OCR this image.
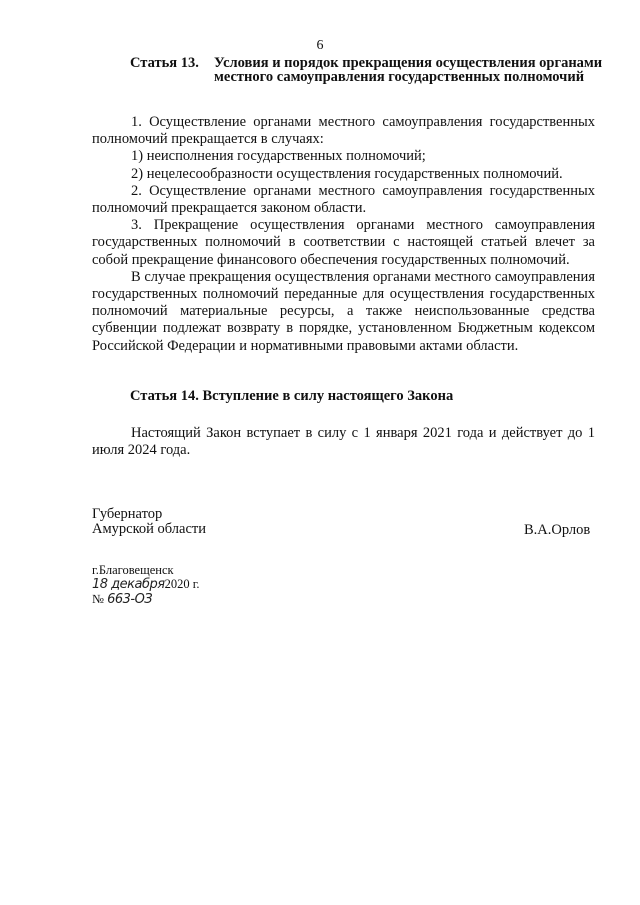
6
Статья 13. Условия и порядок прекращения осуществления органами местного самоуправления государственных полномочий

1. Осуществление органами местного самоуправления государственных полномочий прекращается в случаях:

1) неисполнения государственных полномочий;

2) нецелесообразности осуществления государственных полномочий.

2. Осуществление органами местного самоуправления государственных полномочий прекращается законом области.

3. Прекращение осуществления органами местного самоуправления государственных полномочий в соответствии с настоящей статьей влечет за собой прекращение финансового обеспечения государственных полномочий.

В случае прекращения осуществления органами местного самоуправления государственных полномочий переданные для осуществления государственных полномочий материальные ресурсы, а также неиспользованные средства субвенции подлежат возврату в порядке, установленном Бюджетным кодексом Российской Федерации и нормативными правовыми актами области.

Статья 14. Вступление в силу настоящего Закона

Настоящий Закон вступает в силу с 1 января 2021 года и действует до 1 июля 2024 года.

Губернатор
Амурской области	В.А.Орлов
г.Благовещенск
18 декабря2020 г.
№ 663-ОЗ
